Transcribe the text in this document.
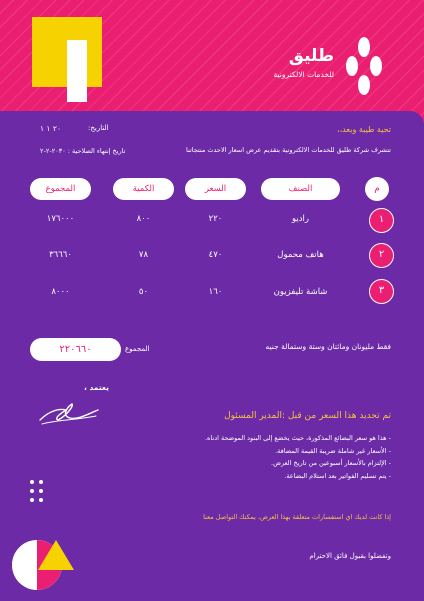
طليق
للخدمات الالكترونية
تحية طيبة وبعد،،
التاريخ:
٢٠ ١ ١
تتشرف شركة طليق للخدمات الالكترونية بتقديم عرض اسعار الاحدث منتجاتنا
تاريخ إنتهاء الصلاحية : ٢٠٣٠-٢-٢
م
الصنف
السعر
الكمية
المجموع
١
راديو
٢٢٠
٨٠٠
١٧٦٠٠٠
٢
هاتف محمول
٤٧٠
٧٨
٣٦٦٦٠
٣
شاشة تليفزيون
١٦٠
٥٠
٨٠٠٠
فقط مليونان ومائتان وستة وستمالة جنيه
المجموع
٢٢٠٦٦٠
يعتمد ،
تم تحديد هذا السعر من قبل :المدير المسئول
- هذا هو سعر البضائع المذكورة، حيث يخضع إلى البنود الموضحة ادناه.
- الأسعار غير شاملة ضريبة القيمة المضافة.
- الإلتزام بالأسعار أسبوعين من تاريخ العرض.
- يتم تسليم الفواتير بعد استلام البضاعة.
إذا كانت لديك اي استفسارات متعلقة بهذا العرض، يمكنك التواصل معنا
وتفضلوا بقبول فائق الاحترام
